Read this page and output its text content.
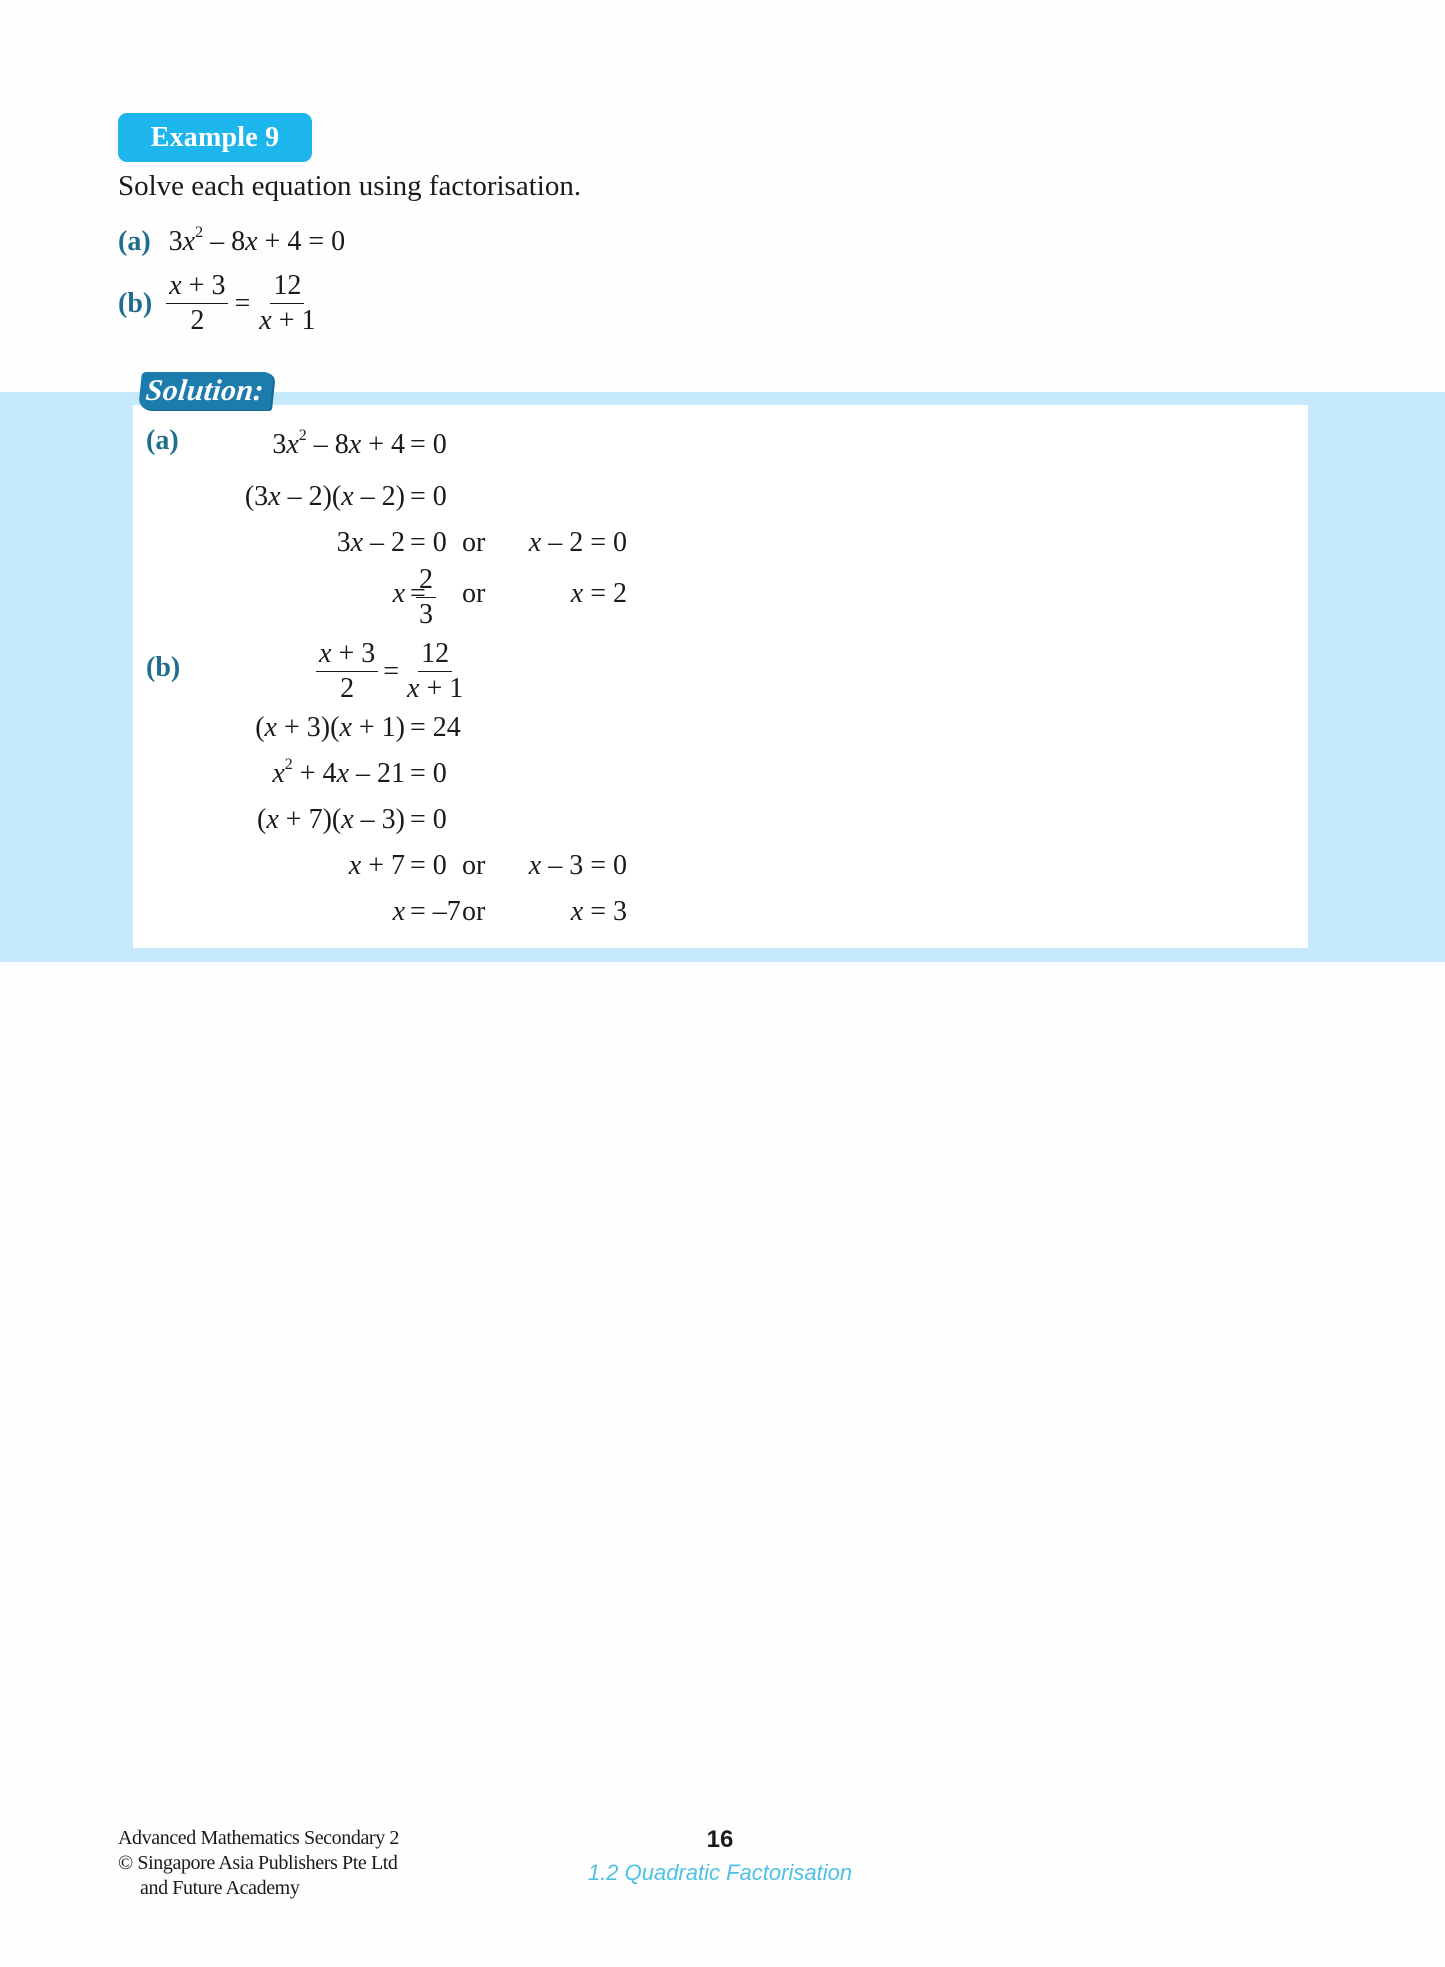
Example 9
Solve each equation using factorisation.
(a) $3x^2 - 8x + 4 = 0$
$(b) \frac{x + 3}{2} = \frac{12}{x + 1}$
Solution:
(a)	$3x^2 - 8x + 4 = 0$
(3x – 2)(x – 2) = 0
3x – 2 = 0 or x – 2 = 0
x =
$\frac{2}{3}$ or	x = 2
(b)	$\frac{x + 3}{2} = \frac{12}{x + 1}$
(x + 3)(x + 1) = 24
$x^2 + 4x - 21 = 0$
(x + 7)(x – 3) = 0
x + 7 = 0 or x – 3 = 0
x = –7 or	x = 3
Advanced Mathematics Secondary 2
© Singapore Asia Publishers Pte Ltd
and Future Academy
16
1.2 Quadratic Factorisation
